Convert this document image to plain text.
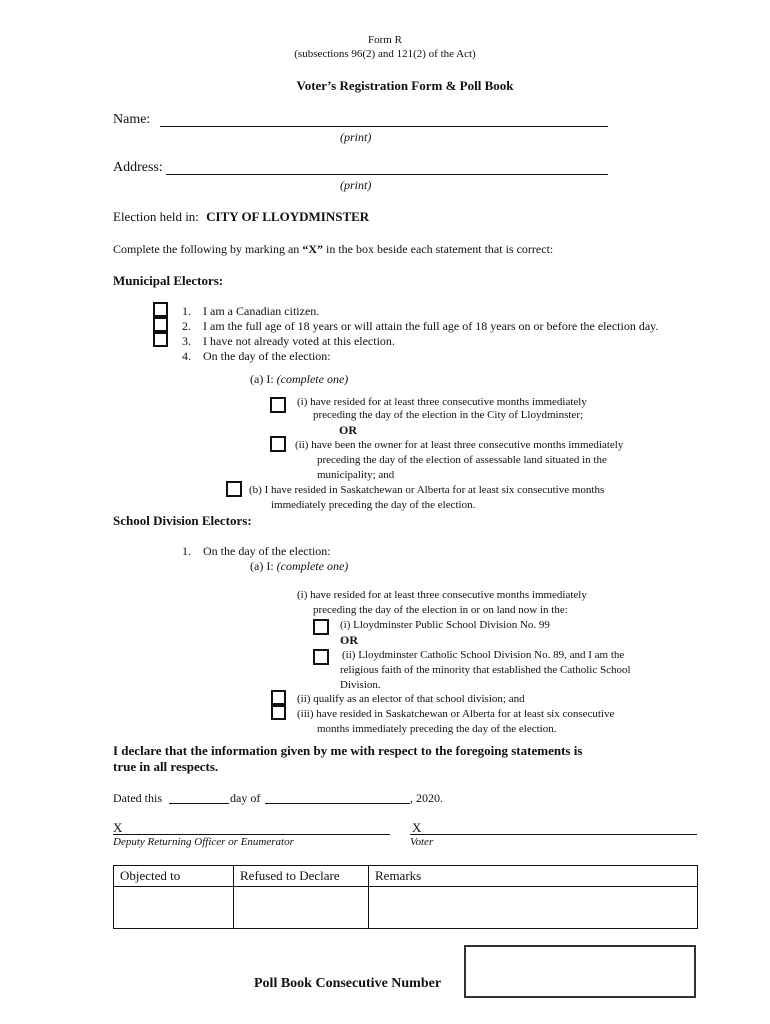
Form R
(subsections 96(2) and 121(2) of the Act)
Voter’s Registration Form & Poll Book
Name:
(print)
Address:
(print)
Election held in: CITY OF LLOYDMINSTER
Complete the following by marking an “X” in the box beside each statement that is correct:
Municipal Electors:
1. I am a Canadian citizen.
2. I am the full age of 18 years or will attain the full age of 18 years on or before the election day.
3. I have not already voted at this election.
4. On the day of the election:
(a) I: (complete one)
(i) have resided for at least three consecutive months immediately
preceding the day of the election in the City of Lloydminster;
OR
(ii) have been the owner for at least three consecutive months immediately
preceding the day of the election of assessable land situated in the
municipality; and
(b) I have resided in Saskatchewan or Alberta for at least six consecutive months
immediately preceding the day of the election.
School Division Electors:
1. On the day of the election:
(a) I: (complete one)
(i) have resided for at least three consecutive months immediately
preceding the day of the election in or on land now in the:
(i) Lloydminster Public School Division No. 99
OR
(ii) Lloydminster Catholic School Division No. 89, and I am the
religious faith of the minority that established the Catholic School
Division.
(ii) qualify as an elector of that school division; and
(iii) have resided in Saskatchewan or Alberta for at least six consecutive
months immediately preceding the day of the election.
I declare that the information given by me with respect to the foregoing statements is
true in all respects.
Dated this	day of	, 2020.
X
Deputy Returning Officer or Enumerator
X
Voter
Objected to	Refused to Declare	Remarks

Poll Book Consecutive Number
